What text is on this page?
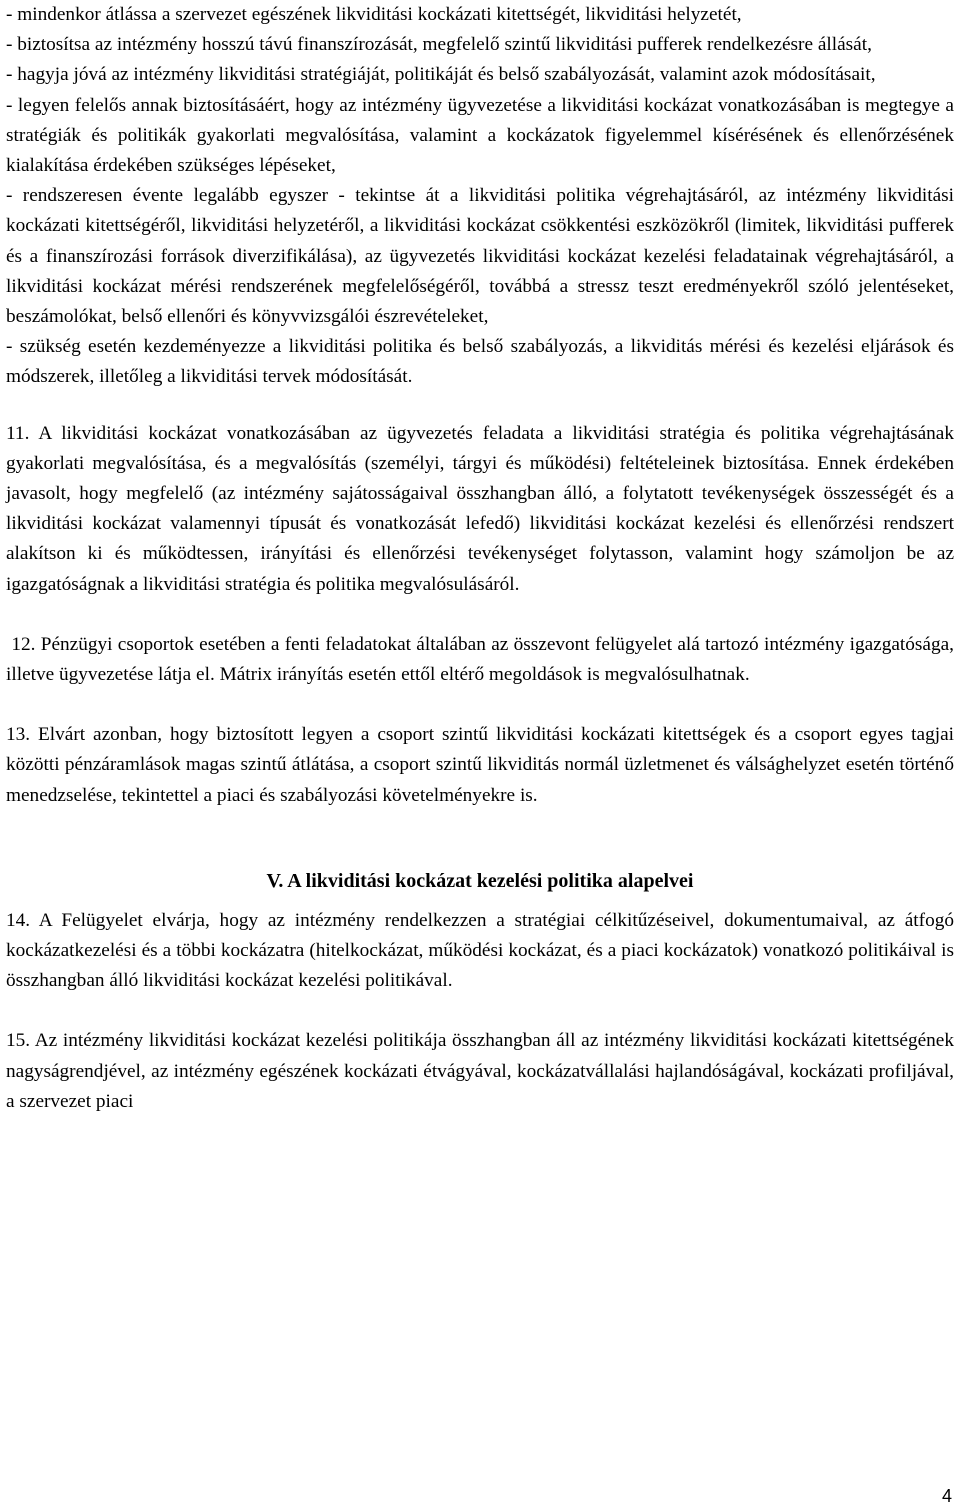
- mindenkor átlássa a szervezet egészének likviditási kockázati kitettségét, likviditási helyzetét,

- biztosítsa az intézmény hosszú távú finanszírozását, megfelelő szintű likviditási pufferek rendelkezésre állását,

- hagyja jóvá az intézmény likviditási stratégiáját, politikáját és belső szabályozását, valamint azok módosításait,

- legyen felelős annak biztosításáért, hogy az intézmény ügyvezetése a likviditási kockázat vonatkozásában is megtegye a stratégiák és politikák gyakorlati megvalósítása, valamint a kockázatok figyelemmel kísérésének és ellenőrzésének kialakítása érdekében szükséges lépéseket,

- rendszeresen évente legalább egyszer - tekintse át a likviditási politika végrehajtásáról, az intézmény likviditási kockázati kitettségéről, likviditási helyzetéről, a likviditási kockázat csökkentési eszközökről (limitek, likviditási pufferek és a finanszírozási források diverzifikálása), az ügyvezetés likviditási kockázat kezelési feladatainak végrehajtásáról, a likviditási kockázat mérési rendszerének megfelelőségéről, továbbá a stressz teszt eredményekről szóló jelentéseket, beszámolókat, belső ellenőri és könyvvizsgálói észrevételeket,

- szükség esetén kezdeményezze a likviditási politika és belső szabályozás, a likviditás mérési és kezelési eljárások és módszerek, illetőleg a likviditási tervek módosítását.

11. A likviditási kockázat vonatkozásában az ügyvezetés feladata a likviditási stratégia és politika végrehajtásának gyakorlati megvalósítása, és a megvalósítás (személyi, tárgyi és működési) feltételeinek biztosítása. Ennek érdekében javasolt, hogy megfelelő (az intézmény sajátosságaival összhangban álló, a folytatott tevékenységek összességét és a likviditási kockázat valamennyi típusát és vonatkozását lefedő) likviditási kockázat kezelési és ellenőrzési rendszert alakítson ki és működtessen, irányítási és ellenőrzési tevékenységet folytasson, valamint hogy számoljon be az igazgatóságnak a likviditási stratégia és politika megvalósulásáról.

12. Pénzügyi csoportok esetében a fenti feladatokat általában az összevont felügyelet alá tartozó intézmény igazgatósága, illetve ügyvezetése látja el. Mátrix irányítás esetén ettől eltérő megoldások is megvalósulhatnak.

13. Elvárt azonban, hogy biztosított legyen a csoport szintű likviditási kockázati kitettségek és a csoport egyes tagjai közötti pénzáramlások magas szintű átlátása, a csoport szintű likviditás normál üzletmenet és válsághelyzet esetén történő menedzselése, tekintettel a piaci és szabályozási követelményekre is.

V. A likviditási kockázat kezelési politika alapelvei

14. A Felügyelet elvárja, hogy az intézmény rendelkezzen a stratégiai célkitűzéseivel, dokumentumaival, az átfogó kockázatkezelési és a többi kockázatra (hitelkockázat, működési kockázat, és a piaci kockázatok) vonatkozó politikáival is összhangban álló likviditási kockázat kezelési politikával.

15. Az intézmény likviditási kockázat kezelési politikája összhangban áll az intézmény likviditási kockázati kitettségének nagyságrendjével, az intézmény egészének kockázati étvágyával, kockázatvállalási hajlandóságával, kockázati profiljával, a szervezet piaci

4
